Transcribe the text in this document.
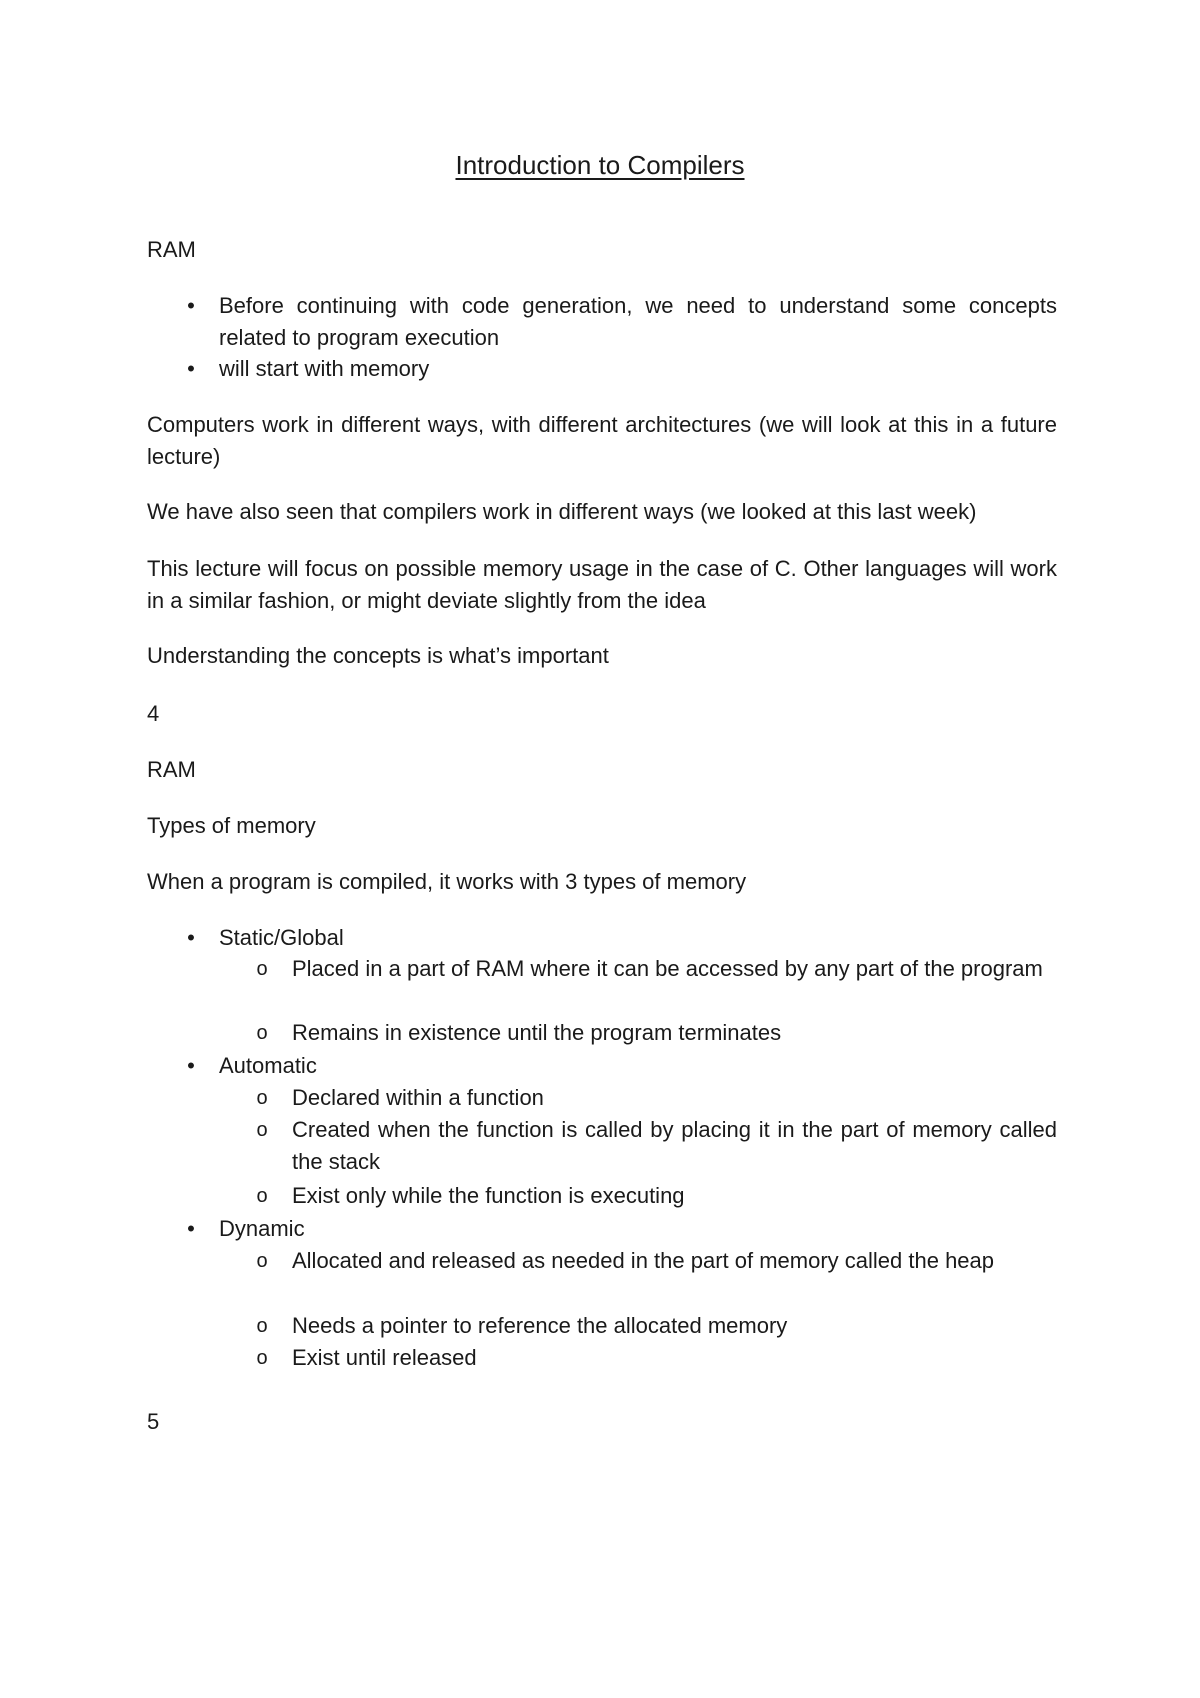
Introduction to Compilers

RAM

• Before continuing with code generation, we need to understand some concepts related to program execution
• will start with memory

Computers work in different ways, with different architectures (we will look at this in a future lecture)

We have also seen that compilers work in different ways (we looked at this last week)

This lecture will focus on possible memory usage in the case of C. Other languages will work in a similar fashion, or might deviate slightly from the idea

Understanding the concepts is what’s important

4

RAM

Types of memory

When a program is compiled, it works with 3 types of memory

• Static/Global
o Placed in a part of RAM where it can be accessed by any part of the program
o Remains in existence until the program terminates
• Automatic
o Declared within a function
o Created when the function is called by placing it in the part of memory called the stack
o Exist only while the function is executing
• Dynamic
o Allocated and released as needed in the part of memory called the heap
o Needs a pointer to reference the allocated memory
o Exist until released

5
